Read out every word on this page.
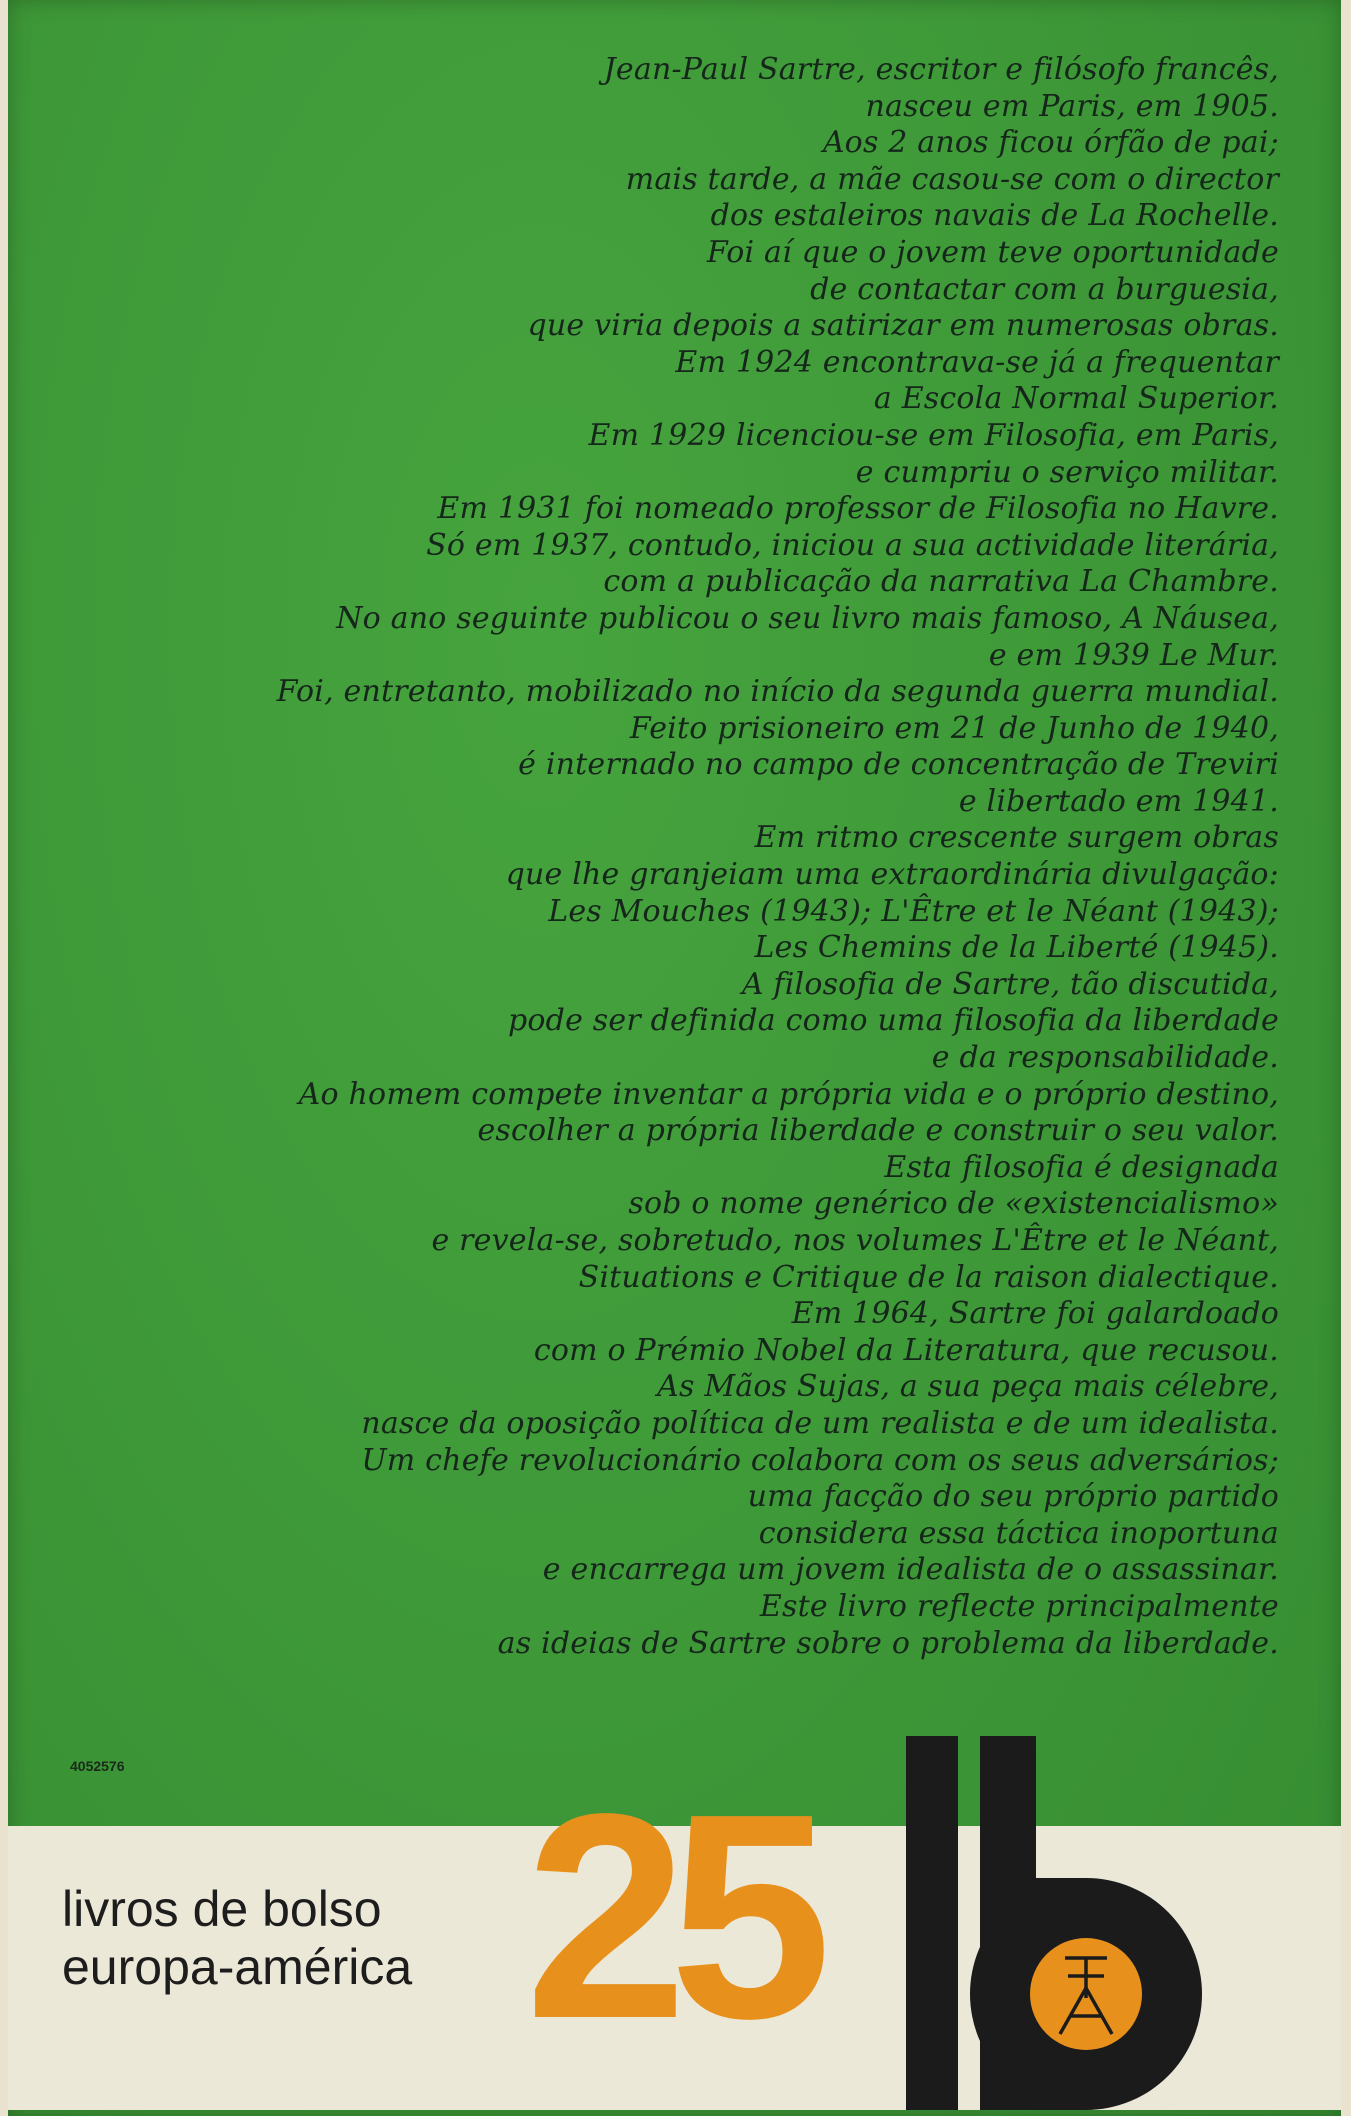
Jean-Paul Sartre, escritor e filósofo francês,
nasceu em Paris, em 1905.
Aos 2 anos ficou órfão de pai;
mais tarde, a mãe casou-se com o director
dos estaleiros navais de La Rochelle.
Foi aí que o jovem teve oportunidade
de contactar com a burguesia,
que viria depois a satirizar em numerosas obras.
Em 1924 encontrava-se já a frequentar
a Escola Normal Superior.
Em 1929 licenciou-se em Filosofia, em Paris,
e cumpriu o serviço militar.
Em 1931 foi nomeado professor de Filosofia no Havre.
Só em 1937, contudo, iniciou a sua actividade literária,
com a publicação da narrativa La Chambre.
No ano seguinte publicou o seu livro mais famoso, A Náusea,
e em 1939 Le Mur.
Foi, entretanto, mobilizado no início da segunda guerra mundial.
Feito prisioneiro em 21 de Junho de 1940,
é internado no campo de concentração de Treviri
e libertado em 1941.
Em ritmo crescente surgem obras
que lhe granjeiam uma extraordinária divulgação:
Les Mouches (1943); L'Être et le Néant (1943);
Les Chemins de la Liberté (1945).
A filosofia de Sartre, tão discutida,
pode ser definida como uma filosofia da liberdade
e da responsabilidade.
Ao homem compete inventar a própria vida e o próprio destino,
escolher a própria liberdade e construir o seu valor.
Esta filosofia é designada
sob o nome genérico de «existencialismo»
e revela-se, sobretudo, nos volumes L'Être et le Néant,
Situations e Critique de la raison dialectique.
Em 1964, Sartre foi galardoado
com o Prémio Nobel da Literatura, que recusou.
As Mãos Sujas, a sua peça mais célebre,
nasce da oposição política de um realista e de um idealista.
Um chefe revolucionário colabora com os seus adversários;
uma facção do seu próprio partido
considera essa táctica inoportuna
e encarrega um jovem idealista de o assassinar.
Este livro reflecte principalmente
as ideias de Sartre sobre o problema da liberdade.
4052576
livros de bolso
europa-américa 25
